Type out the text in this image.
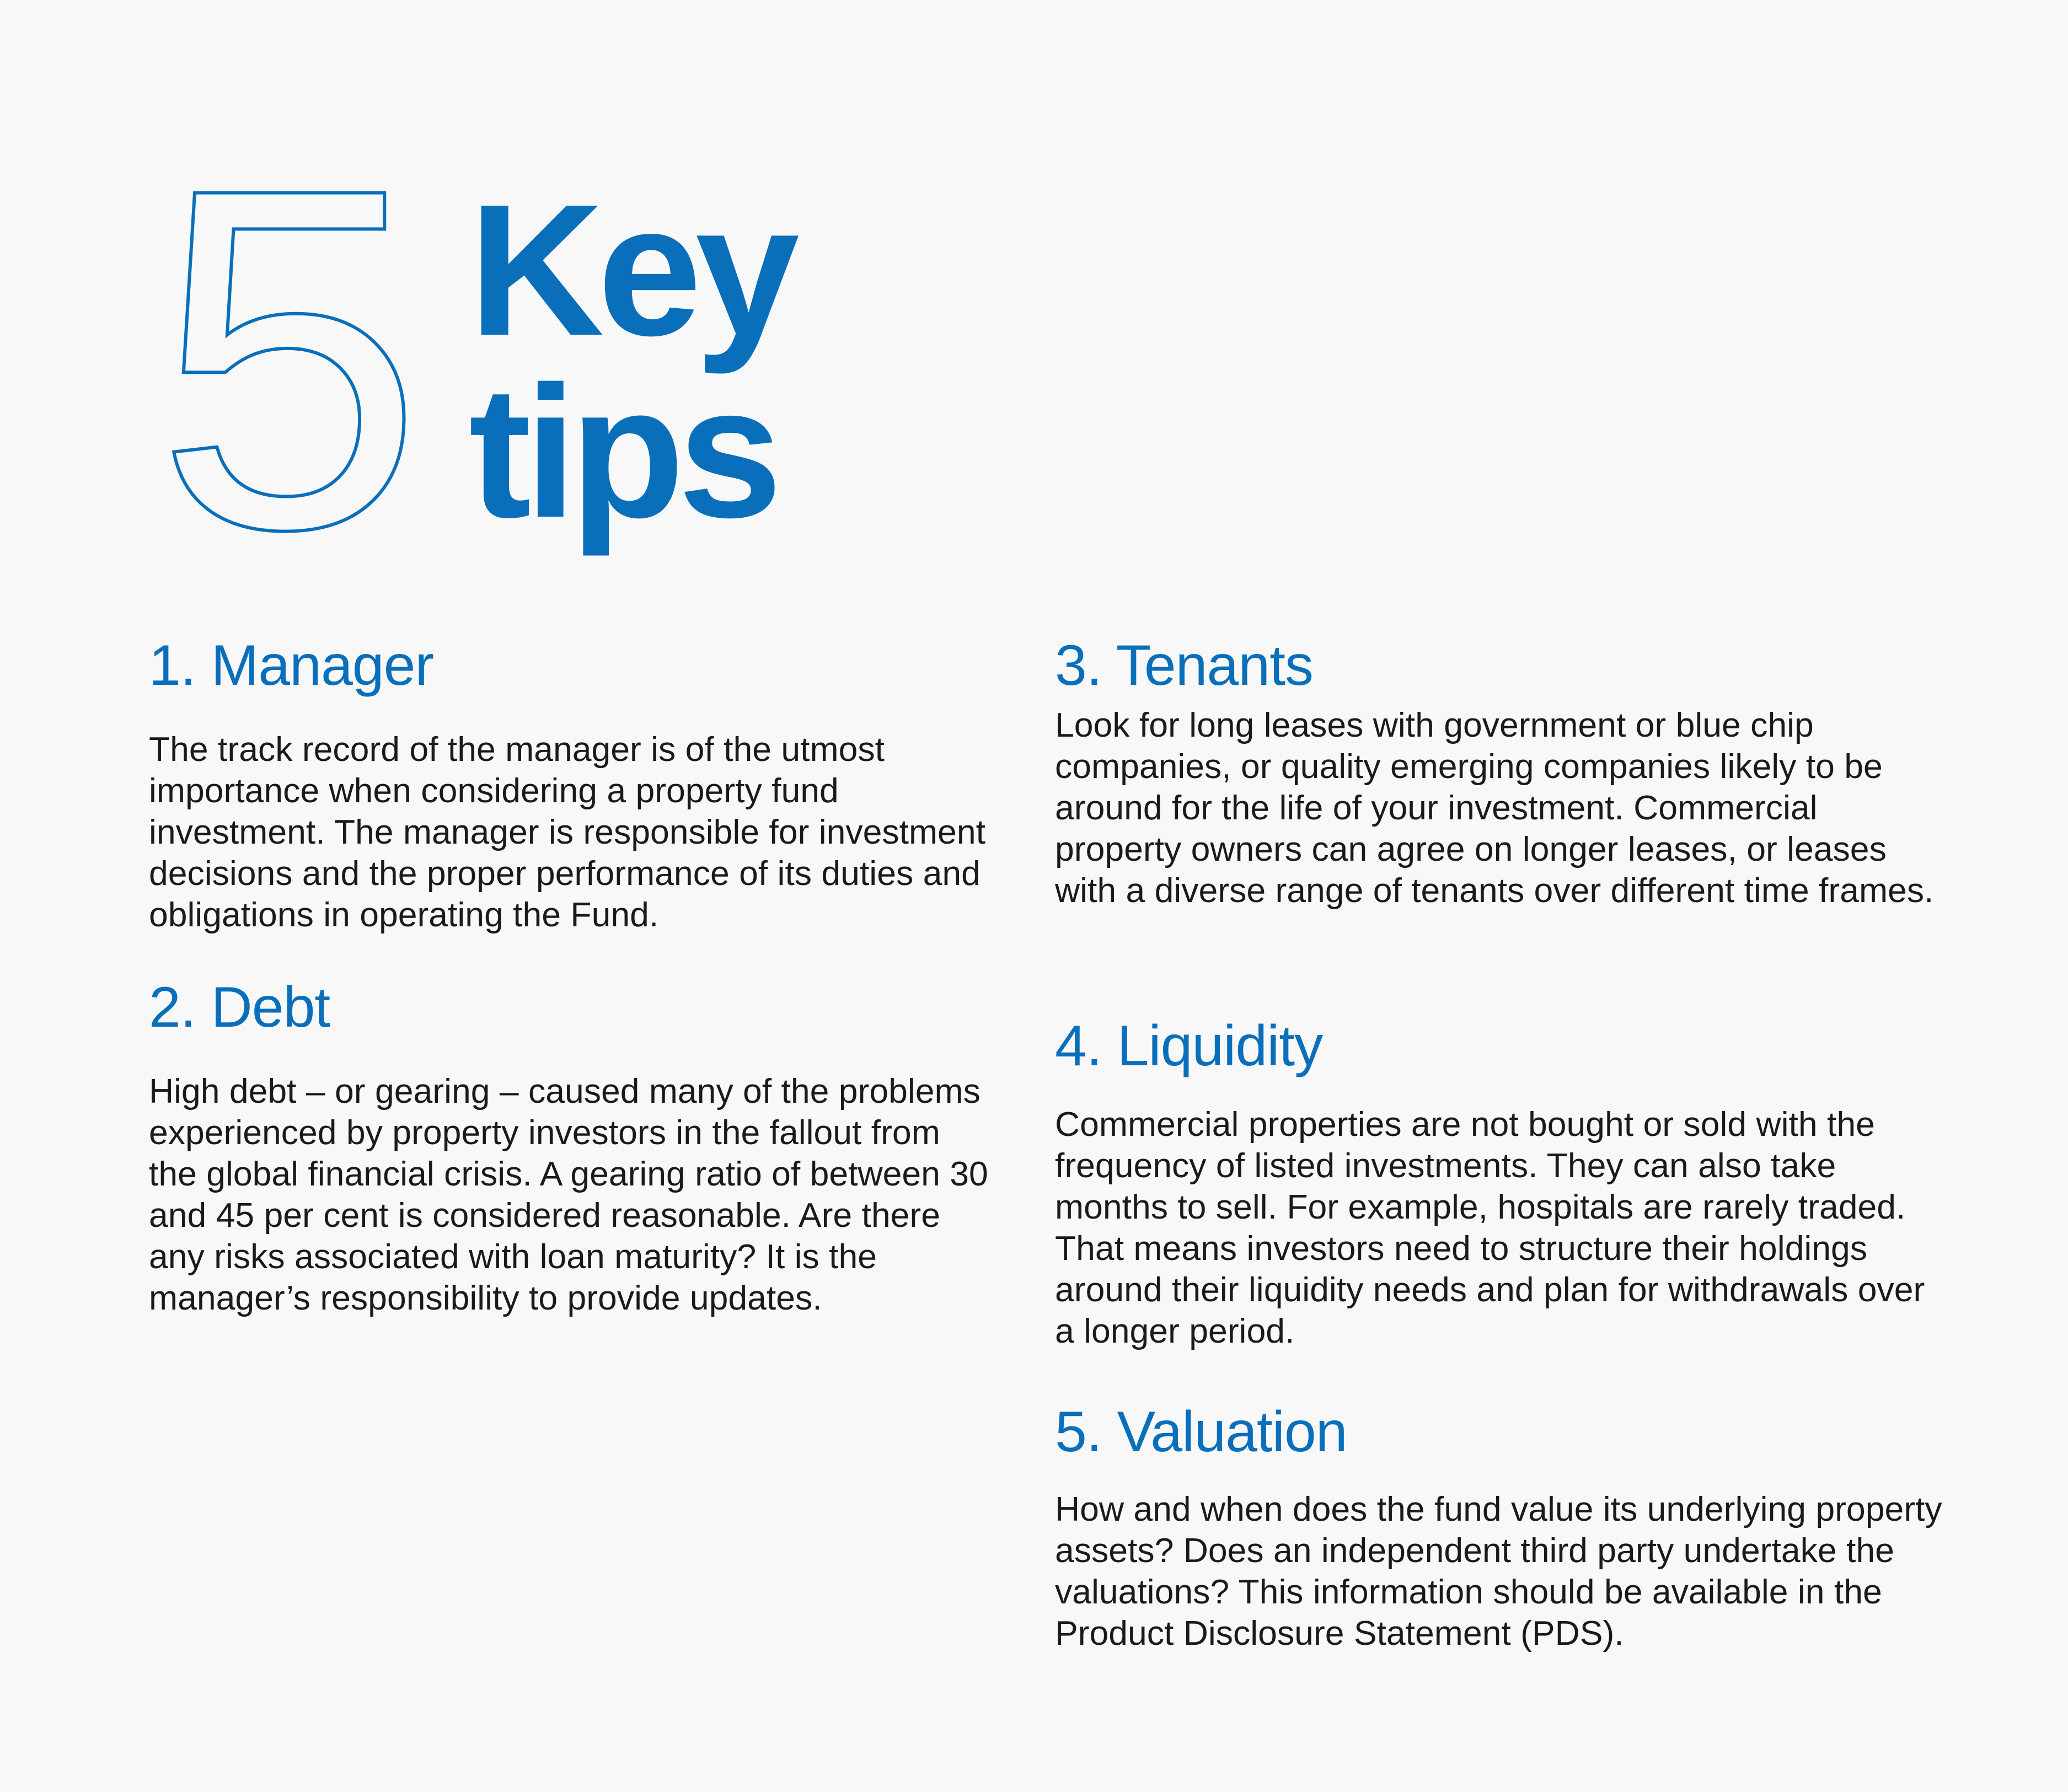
5 Key
tips
1. Manager

The track record of the manager is of the utmost importance when considering a property fund investment. The manager is responsible for investment decisions and the proper performance of its duties and obligations in operating the Fund.

2. Debt

High debt – or gearing – caused many of the problems experienced by property investors in the fallout from the global financial crisis. A gearing ratio of between 30 and 45 per cent is considered reasonable. Are there any risks associated with loan maturity? It is the manager’s responsibility to provide updates.

3. Tenants

Look for long leases with government or blue chip companies, or quality emerging companies likely to be around for the life of your investment. Commercial property owners can agree on longer leases, or leases with a diverse range of tenants over different time frames.

4. Liquidity

Commercial properties are not bought or sold with the frequency of listed investments. They can also take months to sell. For example, hospitals are rarely traded. That means investors need to structure their holdings around their liquidity needs and plan for withdrawals over a longer period.

5. Valuation

How and when does the fund value its underlying property assets? Does an independent third party undertake the valuations? This information should be available in the Product Disclosure Statement (PDS).
